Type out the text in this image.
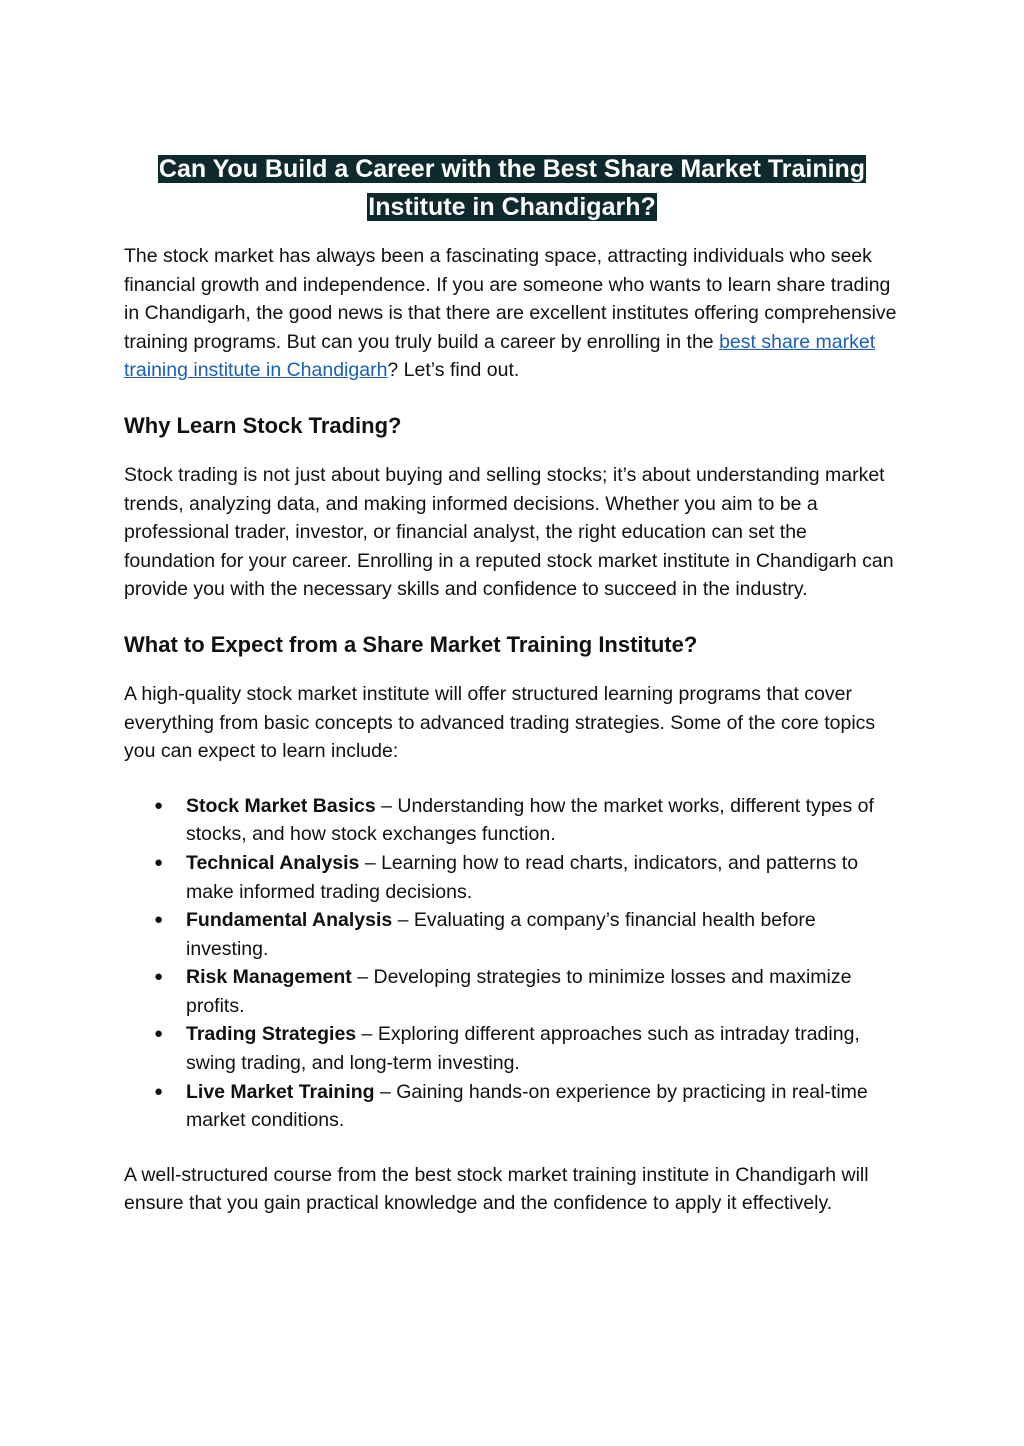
Can You Build a Career with the Best Share Market Training Institute in Chandigarh?

The stock market has always been a fascinating space, attracting individuals who seek financial growth and independence. If you are someone who wants to learn share trading in Chandigarh, the good news is that there are excellent institutes offering comprehensive training programs. But can you truly build a career by enrolling in the best share market training institute in Chandigarh? Let’s find out.

Why Learn Stock Trading?

Stock trading is not just about buying and selling stocks; it’s about understanding market trends, analyzing data, and making informed decisions. Whether you aim to be a professional trader, investor, or financial analyst, the right education can set the foundation for your career. Enrolling in a reputed stock market institute in Chandigarh can provide you with the necessary skills and confidence to succeed in the industry.

What to Expect from a Share Market Training Institute?

A high-quality stock market institute will offer structured learning programs that cover everything from basic concepts to advanced trading strategies. Some of the core topics you can expect to learn include:

● Stock Market Basics – Understanding how the market works, different types of stocks, and how stock exchanges function.
● Technical Analysis – Learning how to read charts, indicators, and patterns to make informed trading decisions.
● Fundamental Analysis – Evaluating a company’s financial health before investing.
● Risk Management – Developing strategies to minimize losses and maximize profits.
● Trading Strategies – Exploring different approaches such as intraday trading, swing trading, and long-term investing.
● Live Market Training – Gaining hands-on experience by practicing in real-time market conditions.

A well-structured course from the best stock market training institute in Chandigarh will ensure that you gain practical knowledge and the confidence to apply it effectively.
